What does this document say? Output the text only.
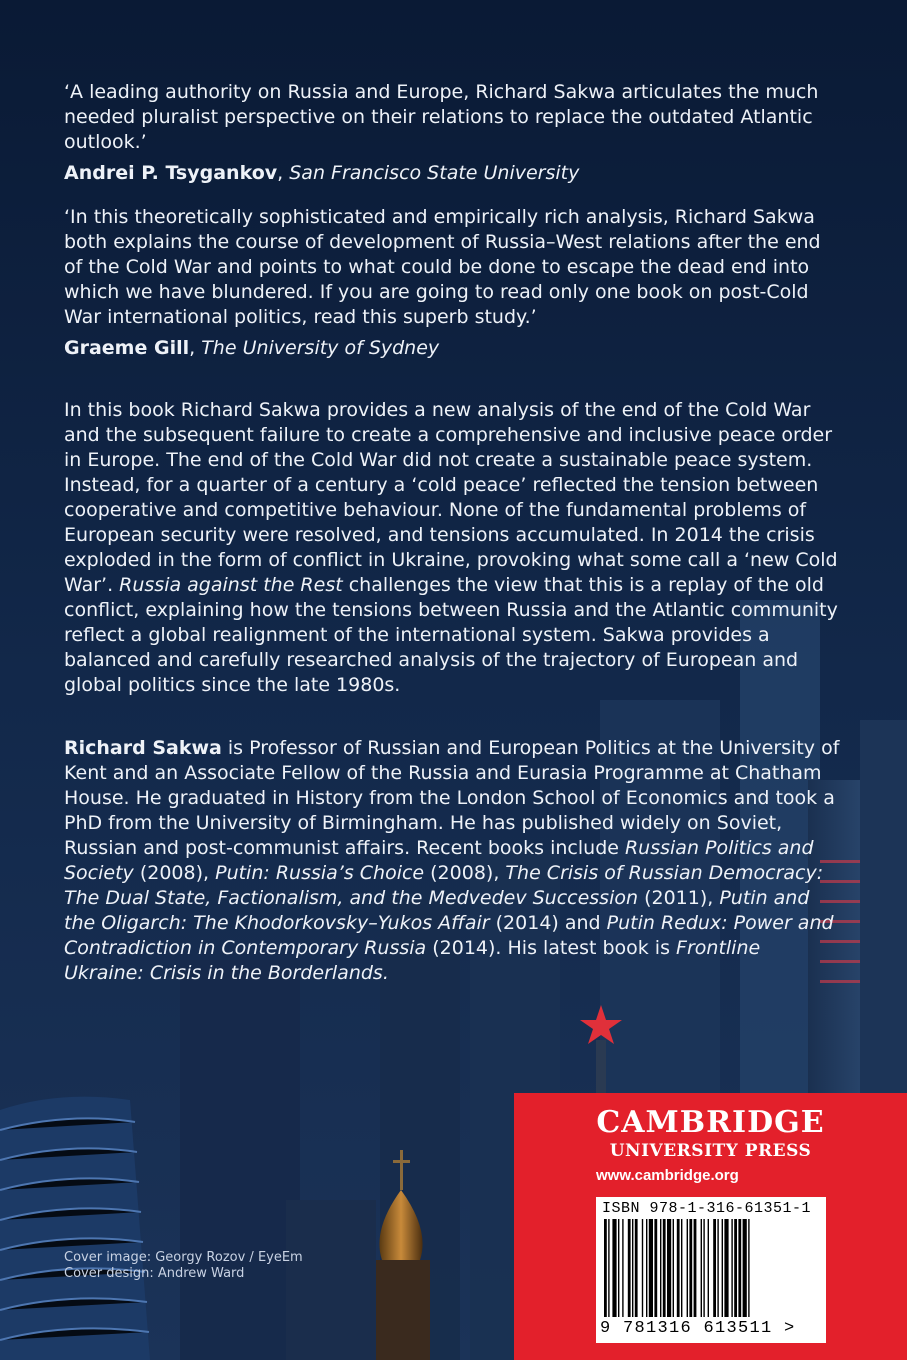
‘A leading authority on Russia and Europe, Richard Sakwa articulates the much needed pluralist perspective on their relations to replace the outdated Atlantic outlook.’
Andrei P. Tsygankov, San Francisco State University
‘In this theoretically sophisticated and empirically rich analysis, Richard Sakwa both explains the course of development of Russia–West relations after the end of the Cold War and points to what could be done to escape the dead end into which we have blundered. If you are going to read only one book on post-Cold War international politics, read this superb study.’
Graeme Gill, The University of Sydney
In this book Richard Sakwa provides a new analysis of the end of the Cold War and the subsequent failure to create a comprehensive and inclusive peace order in Europe. The end of the Cold War did not create a sustainable peace system. Instead, for a quarter of a century a ‘cold peace’ reflected the tension between cooperative and competitive behaviour. None of the fundamental problems of European security were resolved, and tensions accumulated. In 2014 the crisis exploded in the form of conflict in Ukraine, provoking what some call a ‘new Cold War’. Russia against the Rest challenges the view that this is a replay of the old conflict, explaining how the tensions between Russia and the Atlantic community reflect a global realignment of the international system. Sakwa provides a balanced and carefully researched analysis of the trajectory of European and global politics since the late 1980s.
Richard Sakwa is Professor of Russian and European Politics at the University of Kent and an Associate Fellow of the Russia and Eurasia Programme at Chatham House. He graduated in History from the London School of Economics and took a PhD from the University of Birmingham. He has published widely on Soviet, Russian and post-communist affairs. Recent books include Russian Politics and Society (2008), Putin: Russia’s Choice (2008), The Crisis of Russian Democracy: The Dual State, Factionalism, and the Medvedev Succession (2011), Putin and the Oligarch: The Khodorkovsky–Yukos Affair (2014) and Putin Redux: Power and Contradiction in Contemporary Russia (2014). His latest book is Frontline Ukraine: Crisis in the Borderlands.
Cover image: Georgy Rozov / EyeEm
Cover design: Andrew Ward
CAMBRIDGE
UNIVERSITY PRESS
www.cambridge.org
ISBN 978-1-316-61351-1
9 781316 613511 >
